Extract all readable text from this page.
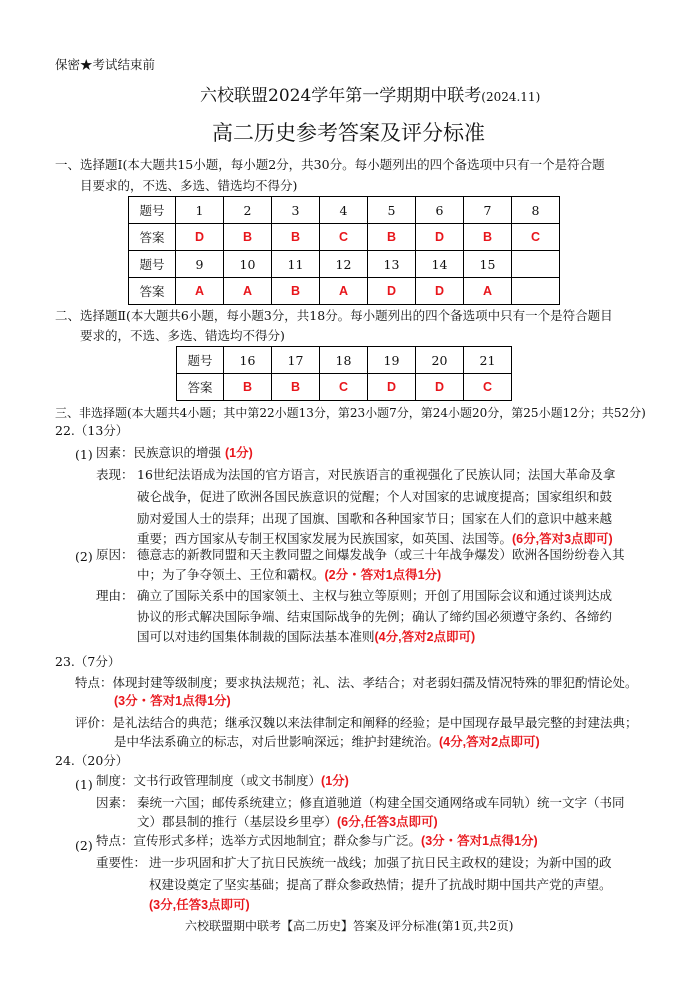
保密★考试结束前
六校联盟2024学年第一学期期中联考(2024.11)
高二历史参考答案及评分标准
一、选择题Ⅰ(本大题共15小题，每小题2分，共30分。每小题列出的四个备选项中只有一个是符合题
目要求的，不选、多选、错选均不得分)
题号	1	2	3	4	5	6	7	8
答案	D	B	B	C	B	D	B	C
题号	9	10	11	12	13	14	15	
答案	A	A	B	A	D	D	A	
二、选择题Ⅱ(本大题共6小题，每小题3分，共18分。每小题列出的四个备选项中只有一个是符合题目
要求的，不选、多选、错选均不得分)
题号	16	17	18	19	20	21
答案	B	B	C	D	D	C
三、非选择题(本大题共4小题；其中第22小题13分，第23小题7分，第24小题20分，第25小题12分；共52分)
22.（13分）
(1) 因素：民族意识的增强 (1分)
表现： 16世纪法语成为法国的官方语言，对民族语言的重视强化了民族认同；法国大革命及拿
破仑战争，促进了欧洲各国民族意识的觉醒；个人对国家的忠诚度提高；国家组织和鼓
励对爱国人士的崇拜；出现了国旗、国歌和各种国家节日；国家在人们的意识中越来越
重要；西方国家从专制王权国家发展为民族国家，如英国、法国等。(6分,答对3点即可)
(2) 原因： 德意志的新教同盟和天主教同盟之间爆发战争（或三十年战争爆发）欧洲各国纷纷卷入其
中；为了争夺领土、王位和霸权。(2分・答对1点得1分)
理由： 确立了国际关系中的国家领土、主权与独立等原则；开创了用国际会议和通过谈判达成
协议的形式解决国际争端、结束国际战争的先例；确认了缔约国必须遵守条约、各缔约
国可以对违约国集体制裁的国际法基本准则(4分,答对2点即可)
23.（7分）
特点：体现封建等级制度；要求执法规范；礼、法、孝结合；对老弱妇孺及情况特殊的罪犯酌情论处。
(3分・答对1点得1分)
评价：是礼法结合的典范；继承汉魏以来法律制定和阐释的经验；是中国现存最早最完整的封建法典；
是中华法系确立的标志，对后世影响深远；维护封建统治。(4分,答对2点即可)
24.（20分）
(1) 制度：文书行政管理制度（或文书制度）(1分)
因素： 秦统一六国；邮传系统建立；修直道驰道（构建全国交通网络或车同轨）统一文字（书同
文）郡县制的推行（基层设乡里亭）(6分,任答3点即可)
(2) 特点：宣传形式多样；选举方式因地制宜；群众参与广泛。(3分・答对1点得1分)
重要性： 进一步巩固和扩大了抗日民族统一战线；加强了抗日民主政权的建设；为新中国的政
权建设奠定了坚实基础；提高了群众参政热情；提升了抗战时期中国共产党的声望。
(3分,任答3点即可)
六校联盟期中联考【高二历史】答案及评分标准(第1页,共2页)
